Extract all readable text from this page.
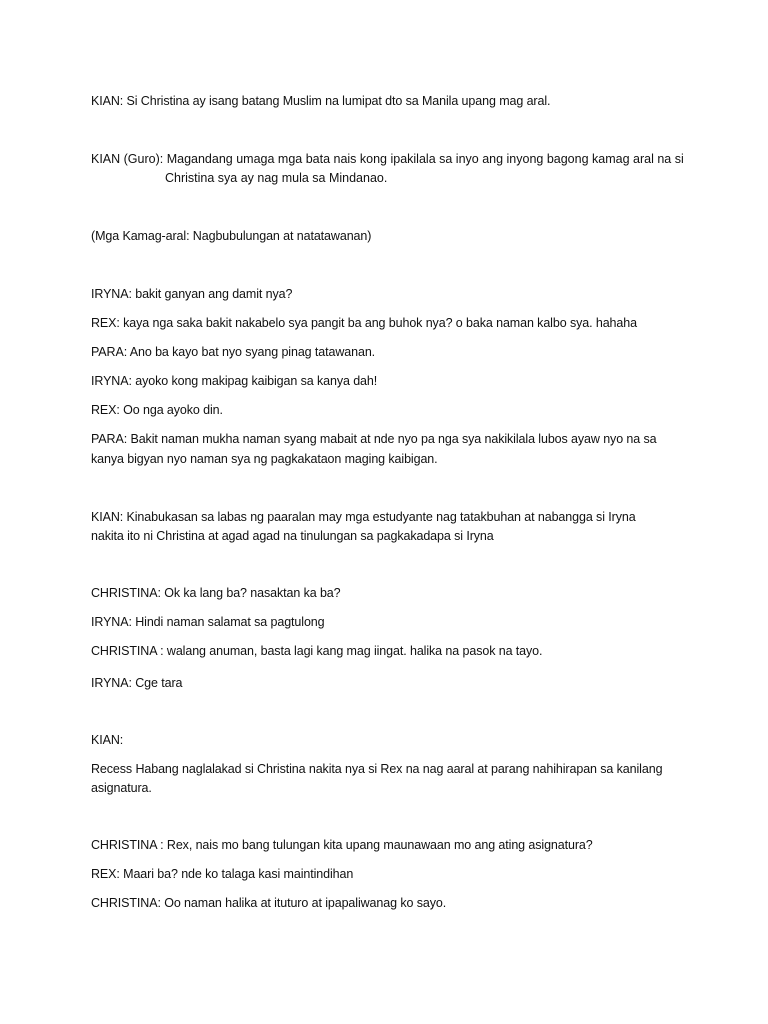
KIAN: Si Christina ay isang batang Muslim na lumipat dto sa Manila upang mag aral.
KIAN (Guro): Magandang umaga mga bata nais kong ipakilala sa inyo ang inyong bagong kamag aral na si
Christina sya ay nag mula sa Mindanao.
(Mga Kamag-aral: Nagbubulungan at natatawanan)
IRYNA: bakit ganyan ang damit nya?
REX: kaya nga saka bakit nakabelo sya pangit ba ang buhok nya? o baka naman kalbo sya. hahaha
PARA: Ano ba kayo bat nyo syang pinag tatawanan.
IRYNA: ayoko kong makipag kaibigan sa kanya dah!
REX: Oo nga ayoko din.
PARA: Bakit naman mukha naman syang mabait at nde nyo pa nga sya nakikilala lubos ayaw nyo na sa
kanya bigyan nyo naman sya ng pagkakataon maging kaibigan.
KIAN: Kinabukasan sa labas ng paaralan may mga estudyante nag tatakbuhan at nabangga si Iryna
nakita ito ni Christina at agad agad na tinulungan sa pagkakadapa si Iryna
CHRISTINA: Ok ka lang ba? nasaktan ka ba?
IRYNA: Hindi naman salamat sa pagtulong
CHRISTINA : walang anuman, basta lagi kang mag iingat. halika na pasok na tayo.
IRYNA: Cge tara
KIAN:
Recess Habang naglalakad si Christina nakita nya si Rex na nag aaral at parang nahihirapan sa kanilang
asignatura.
CHRISTINA : Rex, nais mo bang tulungan kita upang maunawaan mo ang ating asignatura?
REX: Maari ba? nde ko talaga kasi maintindihan
CHRISTINA: Oo naman halika at ituturo at ipapaliwanag ko sayo.
